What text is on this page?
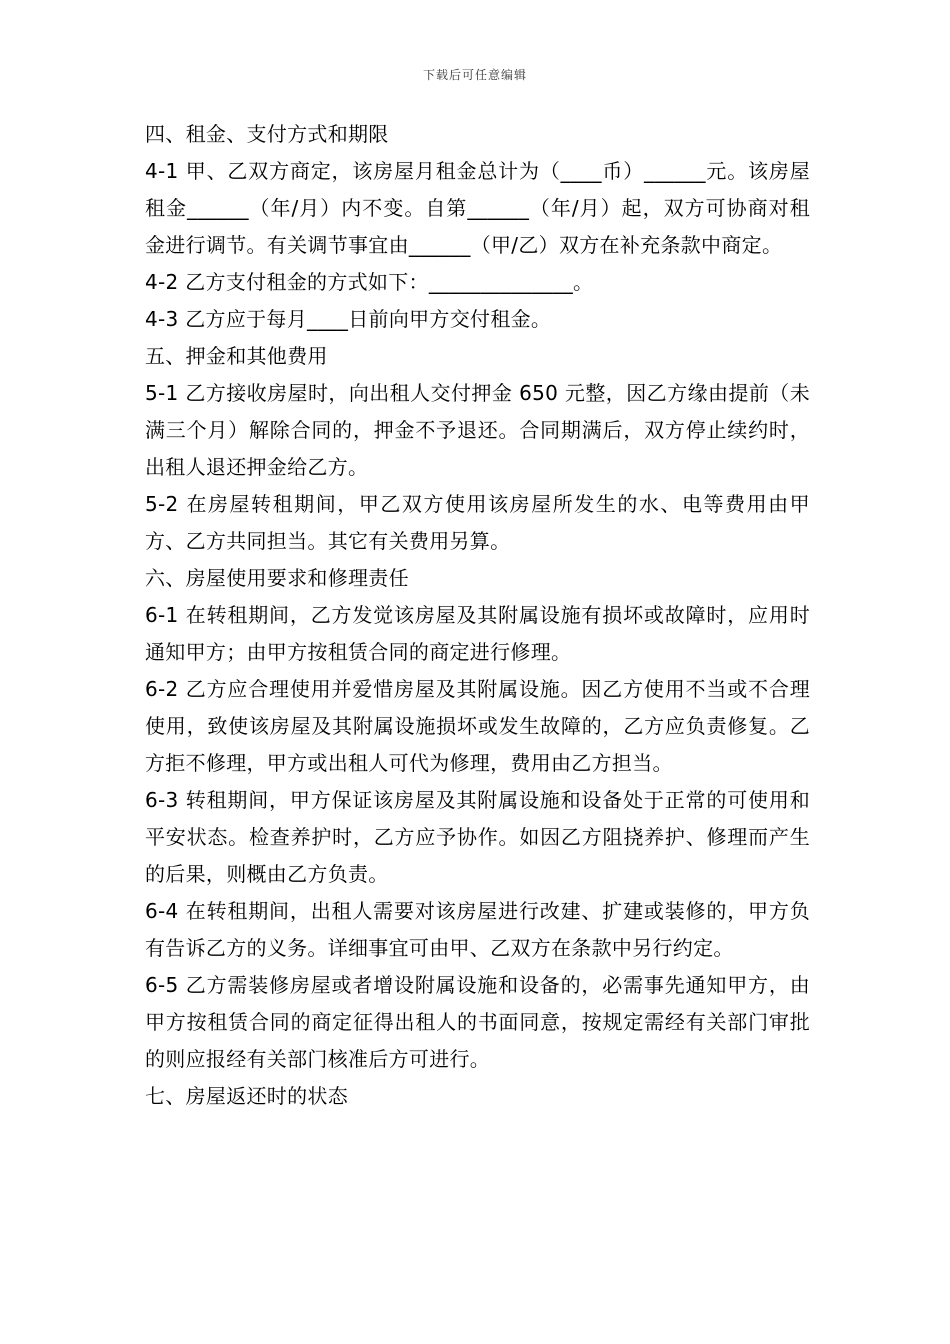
下载后可任意编辑

四、租金、支付方式和期限

4-1 甲、乙双方商定，该房屋月租金总计为（____币）______元。该房屋租金______（年/月）内不变。自第______（年/月）起，双方可协商对租金进行调节。有关调节事宜由______（甲/乙）双方在补充条款中商定。

4-2 乙方支付租金的方式如下：______________。

4-3 乙方应于每月____日前向甲方交付租金。

五、押金和其他费用

5-1 乙方接收房屋时，向出租人交付押金 650 元整，因乙方缘由提前（未满三个月）解除合同的，押金不予退还。合同期满后，双方停止续约时，出租人退还押金给乙方。

5-2 在房屋转租期间，甲乙双方使用该房屋所发生的水、电等费用由甲方、乙方共同担当。其它有关费用另算。

六、房屋使用要求和修理责任

6-1 在转租期间，乙方发觉该房屋及其附属设施有损坏或故障时，应用时通知甲方；由甲方按租赁合同的商定进行修理。

6-2 乙方应合理使用并爱惜房屋及其附属设施。因乙方使用不当或不合理使用，致使该房屋及其附属设施损坏或发生故障的，乙方应负责修复。乙方拒不修理，甲方或出租人可代为修理，费用由乙方担当。

6-3 转租期间，甲方保证该房屋及其附属设施和设备处于正常的可使用和平安状态。检查养护时，乙方应予协作。如因乙方阻挠养护、修理而产生的后果，则概由乙方负责。

6-4 在转租期间，出租人需要对该房屋进行改建、扩建或装修的，甲方负有告诉乙方的义务。详细事宜可由甲、乙双方在条款中另行约定。

6-5 乙方需装修房屋或者增设附属设施和设备的，必需事先通知甲方，由甲方按租赁合同的商定征得出租人的书面同意，按规定需经有关部门审批的则应报经有关部门核准后方可进行。

七、房屋返还时的状态
